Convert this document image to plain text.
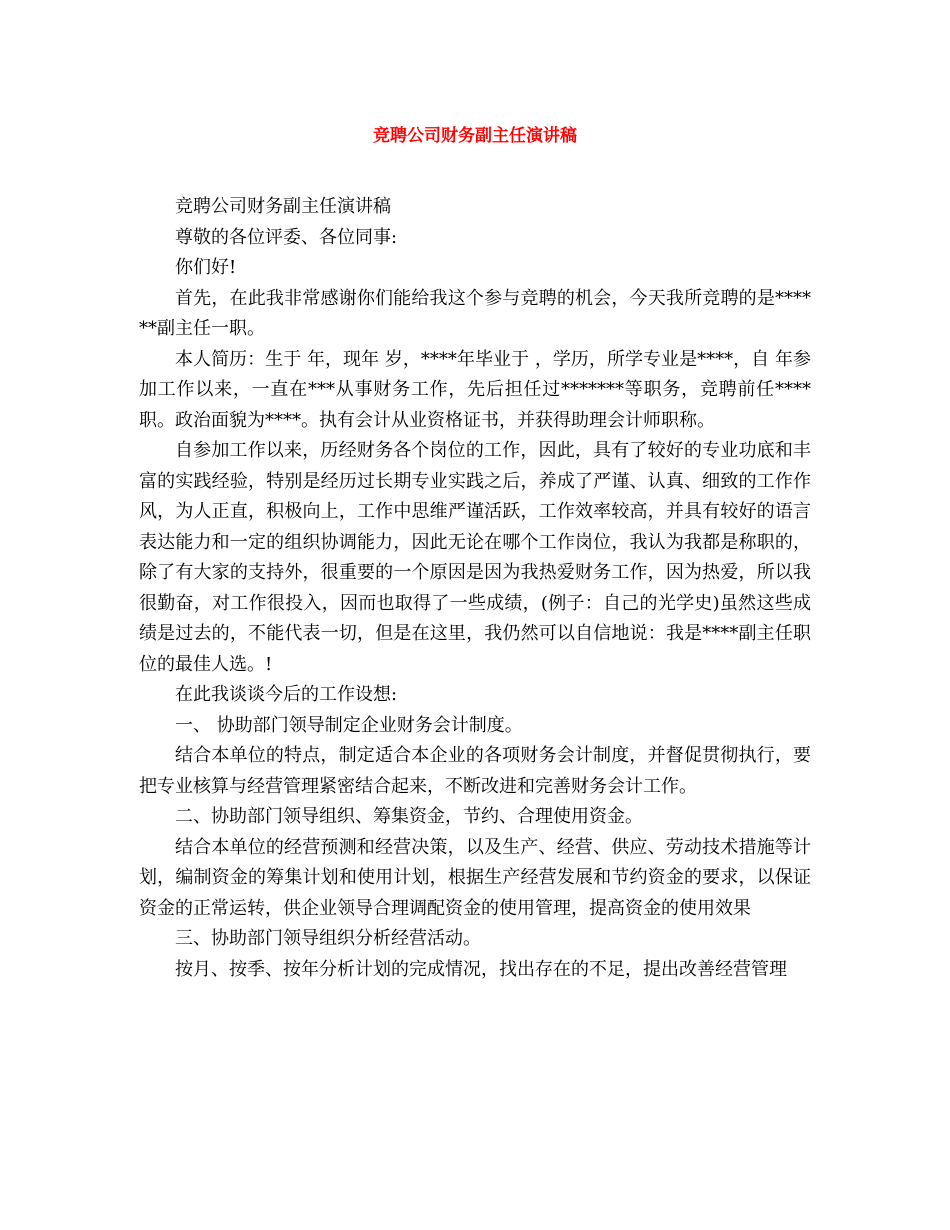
竞聘公司财务副主任演讲稿

竞聘公司财务副主任演讲稿

尊敬的各位评委、各位同事:

你们好!

首先，在此我非常感谢你们能给我这个参与竞聘的机会，今天我所竞聘的是******副主任一职。

本人简历：生于 年，现年 岁，****年毕业于 ，学历，所学专业是****，自 年参加工作以来，一直在***从事财务工作，先后担任过*******等职务，竞聘前任****职。政治面貌为****。执有会计从业资格证书，并获得助理会计师职称。

自参加工作以来，历经财务各个岗位的工作，因此，具有了较好的专业功底和丰富的实践经验，特别是经历过长期专业实践之后，养成了严谨、认真、细致的工作作风，为人正直，积极向上，工作中思维严谨活跃，工作效率较高，并具有较好的语言表达能力和一定的组织协调能力，因此无论在哪个工作岗位，我认为我都是称职的，除了有大家的支持外，很重要的一个原因是因为我热爱财务工作，因为热爱，所以我很勤奋，对工作很投入，因而也取得了一些成绩，(例子：自己的光学史)虽然这些成绩是过去的，不能代表一切，但是在这里，我仍然可以自信地说：我是****副主任职位的最佳人选。!

在此我谈谈今后的工作设想:

一、 协助部门领导制定企业财务会计制度。

结合本单位的特点，制定适合本企业的各项财务会计制度，并督促贯彻执行，要把专业核算与经营管理紧密结合起来，不断改进和完善财务会计工作。

二、协助部门领导组织、筹集资金，节约、合理使用资金。

结合本单位的经营预测和经营决策，以及生产、经营、供应、劳动技术措施等计划，编制资金的筹集计划和使用计划，根据生产经营发展和节约资金的要求，以保证资金的正常运转，供企业领导合理调配资金的使用管理，提高资金的使用效果

三、协助部门领导组织分析经营活动。

按月、按季、按年分析计划的完成情况，找出存在的不足，提出改善经营管理
